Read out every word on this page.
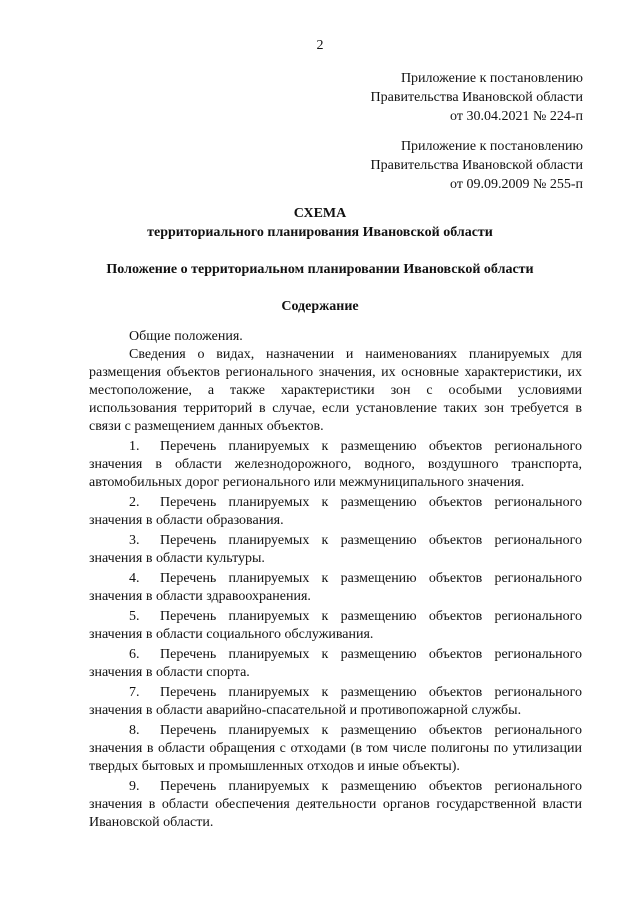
2
Приложение к постановлению
Правительства Ивановской области
от 30.04.2021 № 224-п
Приложение к постановлению
Правительства Ивановской области
от 09.09.2009 № 255-п
СХЕМА
территориального планирования Ивановской области
Положение о территориальном планировании Ивановской области
Содержание

Общие положения.

Сведения о видах, назначении и наименованиях планируемых для размещения объектов регионального значения, их основные характеристики, их местоположение, а также характеристики зон с особыми условиями использования территорий в случае, если установление таких зон требуется в связи с размещением данных объектов.

1. Перечень планируемых к размещению объектов регионального значения в области железнодорожного, водного, воздушного транспорта, автомобильных дорог регионального или межмуниципального значения.

2. Перечень планируемых к размещению объектов регионального значения в области образования.

3. Перечень планируемых к размещению объектов регионального значения в области культуры.

4. Перечень планируемых к размещению объектов регионального значения в области здравоохранения.

5. Перечень планируемых к размещению объектов регионального значения в области социального обслуживания.

6. Перечень планируемых к размещению объектов регионального значения в области спорта.

7. Перечень планируемых к размещению объектов регионального значения в области аварийно-спасательной и противопожарной службы.

8. Перечень планируемых к размещению объектов регионального значения в области обращения с отходами (в том числе полигоны по утилизации твердых бытовых и промышленных отходов и иные объекты).

9. Перечень планируемых к размещению объектов регионального значения в области обеспечения деятельности органов государственной власти Ивановской области.
